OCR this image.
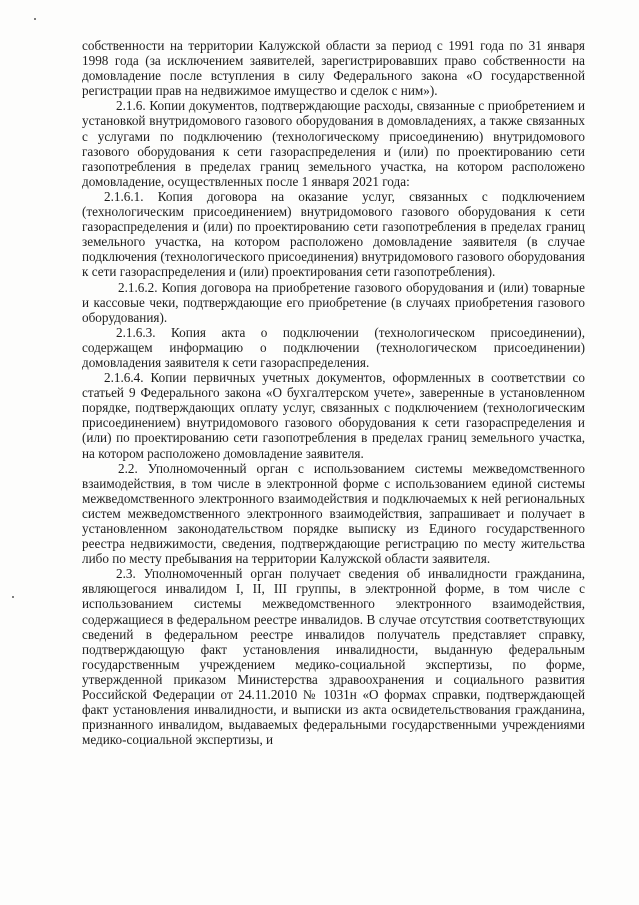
собственности на территории Калужской области за период с 1991 года по 31 января 1998 года (за исключением заявителей, зарегистрировавших право собственности на домовладение после вступления в силу Федерального закона «О государственной регистрации прав на недвижимое имущество и сделок с ним»).

2.1.6. Копии документов, подтверждающие расходы, связанные с приобретением и установкой внутридомового газового оборудования в домовладениях, а также связанных с услугами по подключению (технологическому присоединению) внутридомового газового оборудования к сети газораспределения и (или) по проектированию сети газопотребления в пределах границ земельного участка, на котором расположено домовладение, осуществленных после 1 января 2021 года:

2.1.6.1. Копия договора на оказание услуг, связанных с подключением (технологическим присоединением) внутридомового газового оборудования к сети газораспределения и (или) по проектированию сети газопотребления в пределах границ земельного участка, на котором расположено домовладение заявителя (в случае подключения (технологического присоединения) внутридомового газового оборудования к сети газораспределения и (или) проектирования сети газопотребления).

2.1.6.2. Копия договора на приобретение газового оборудования и (или) товарные и кассовые чеки, подтверждающие его приобретение (в случаях приобретения газового оборудования).

2.1.6.3. Копия акта о подключении (технологическом присоединении), содержащем информацию о подключении (технологическом присоединении) домовладения заявителя к сети газораспределения.

2.1.6.4. Копии первичных учетных документов, оформленных в соответствии со статьей 9 Федерального закона «О бухгалтерском учете», заверенные в установленном порядке, подтверждающих оплату услуг, связанных с подключением (технологическим присоединением) внутридомового газового оборудования к сети газораспределения и (или) по проектированию сети газопотребления в пределах границ земельного участка, на котором расположено домовладение заявителя.

2.2. Уполномоченный орган с использованием системы межведомственного взаимодействия, в том числе в электронной форме с использованием единой системы межведомственного электронного взаимодействия и подключаемых к ней региональных систем межведомственного электронного взаимодействия, запрашивает и получает в установленном законодательством порядке выписку из Единого государственного реестра недвижимости, сведения, подтверждающие регистрацию по месту жительства либо по месту пребывания на территории Калужской области заявителя.

2.3. Уполномоченный орган получает сведения об инвалидности гражданина, являющегося инвалидом I, II, III группы, в электронной форме, в том числе с использованием системы межведомственного электронного взаимодействия, содержащиеся в федеральном реестре инвалидов. В случае отсутствия соответствующих сведений в федеральном реестре инвалидов получатель представляет справку, подтверждающую факт установления инвалидности, выданную федеральным государственным учреждением медико-социальной экспертизы, по форме, утвержденной приказом Министерства здравоохранения и социального развития Российской Федерации от 24.11.2010 № 1031н «О формах справки, подтверждающей факт установления инвалидности, и выписки из акта освидетельствования гражданина, признанного инвалидом, выдаваемых федеральными государственными учреждениями медико-социальной экспертизы, и
